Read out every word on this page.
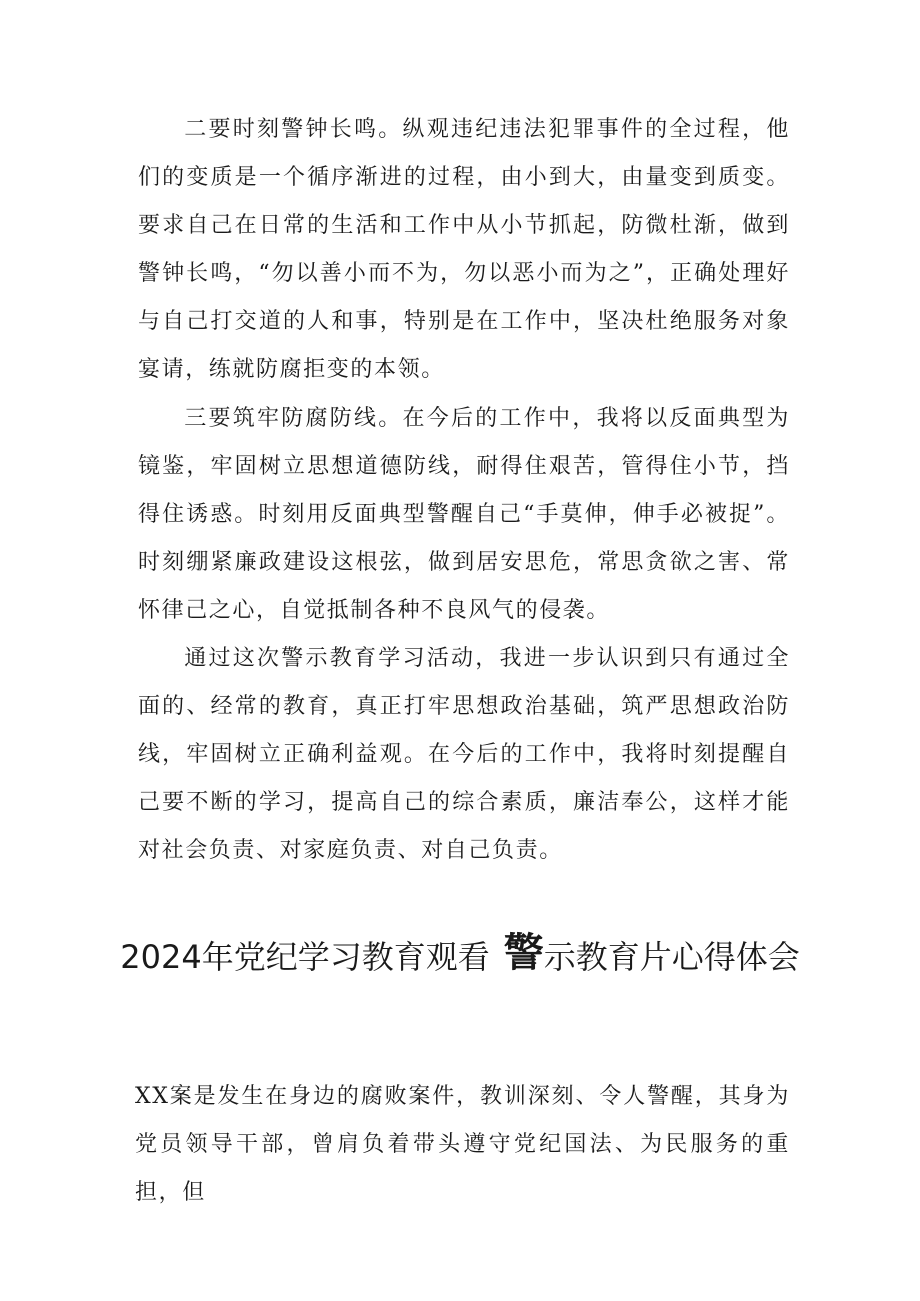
二要时刻警钟长鸣。纵观违纪违法犯罪事件的全过程，他们的变质是一个循序渐进的过程，由小到大，由量变到质变。要求自己在日常的生活和工作中从小节抓起，防微杜渐，做到警钟长鸣，“勿以善小而不为，勿以恶小而为之”，正确处理好与自己打交道的人和事，特别是在工作中，坚决杜绝服务对象宴请，练就防腐拒变的本领。

三要筑牢防腐防线。在今后的工作中，我将以反面典型为镜鉴，牢固树立思想道德防线，耐得住艰苦，管得住小节，挡得住诱惑。时刻用反面典型警醒自己“手莫伸，伸手必被捉”。时刻绷紧廉政建设这根弦，做到居安思危，常思贪欲之害、常怀律己之心，自觉抵制各种不良风气的侵袭。

通过这次警示教育学习活动，我进一步认识到只有通过全面的、经常的教育，真正打牢思想政治基础，筑严思想政治防线，牢固树立正确利益观。在今后的工作中，我将时刻提醒自己要不断的学习，提高自己的综合素质，廉洁奉公，这样才能对社会负责、对家庭负责、对自己负责。

2024年党纪学习教育观看 警示教育片心得体会

XX案是发生在身边的腐败案件，教训深刻、令人警醒，其身为党员领导干部，曾肩负着带头遵守党纪国法、为民服务的重担，但
